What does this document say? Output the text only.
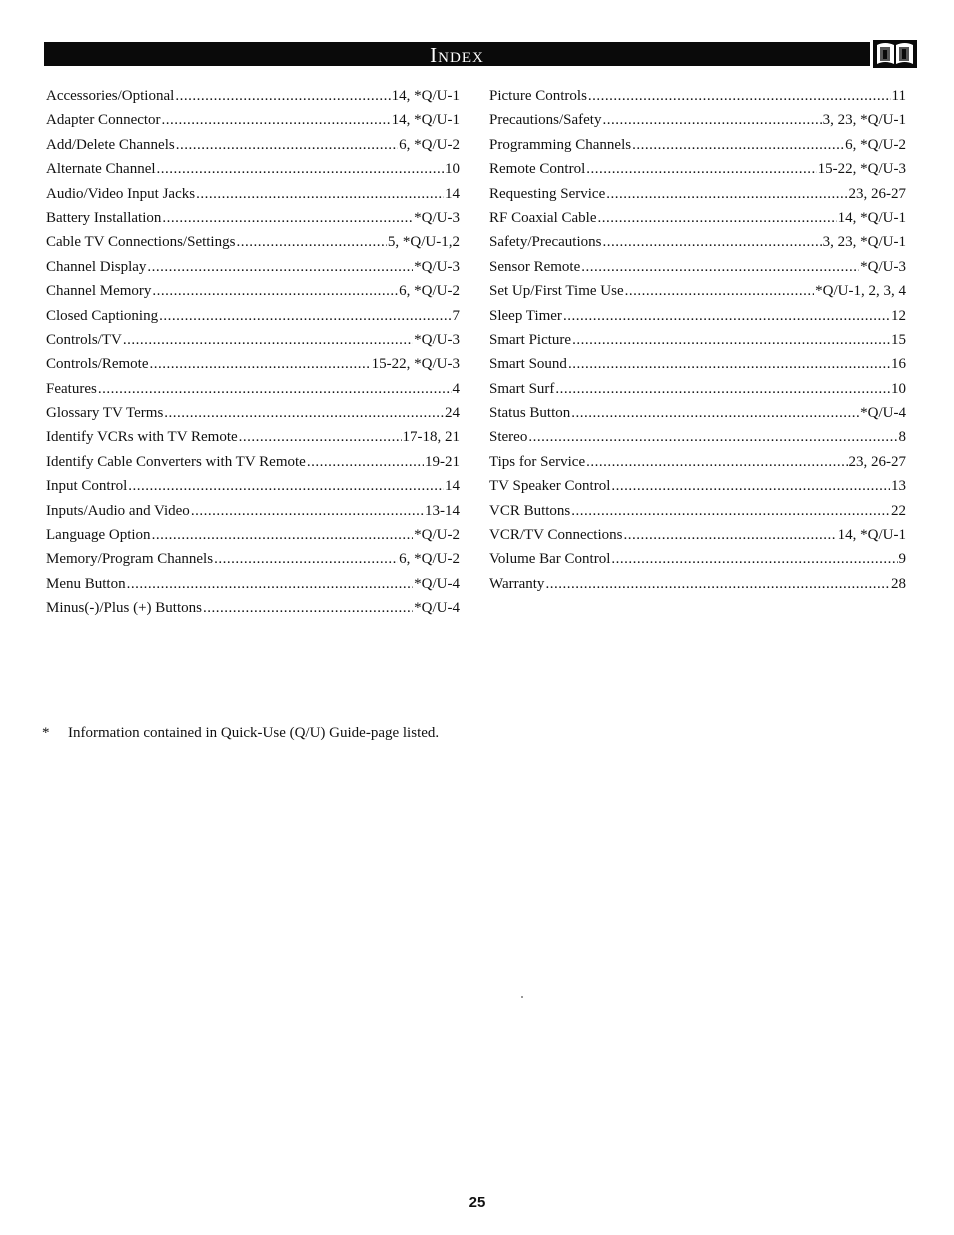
Index
Accessories/Optional .....	14, *Q/U-1
Adapter Connector .....	14, *Q/U-1
Add/Delete Channels .....	6, *Q/U-2
Alternate Channel .....	10
Audio/Video Input Jacks .....	14
Battery Installation .....	*Q/U-3
Cable TV Connections/Settings .....	5, *Q/U-1,2
Channel Display .....	*Q/U-3
Channel Memory .....	6, *Q/U-2
Closed Captioning .....	7
Controls/TV .....	*Q/U-3
Controls/Remote .....	15-22, *Q/U-3
Features .....	4
Glossary TV Terms .....	24
Identify VCRs with TV Remote .....	17-18, 21
Identify Cable Converters with TV Remote .....	19-21
Input Control .....	14
Inputs/Audio and Video .....	13-14
Language Option .....	*Q/U-2
Memory/Program Channels .....	6, *Q/U-2
Menu Button .....	*Q/U-4
Minus(-)/Plus (+) Buttons .....	*Q/U-4
Picture Controls .....	11
Precautions/Safety .....	3, 23, *Q/U-1
Programming Channels .....	6, *Q/U-2
Remote Control .....	15-22, *Q/U-3
Requesting Service .....	23, 26-27
RF Coaxial Cable .....	14, *Q/U-1
Safety/Precautions .....	3, 23, *Q/U-1
Sensor Remote .....	*Q/U-3
Set Up/First Time Use .....	*Q/U-1, 2, 3, 4
Sleep Timer .....	12
Smart Picture .....	15
Smart Sound .....	16
Smart Surf .....	10
Status Button .....	*Q/U-4
Stereo .....	8
Tips for Service .....	23, 26-27
TV Speaker Control .....	13
VCR Buttons .....	22
VCR/TV Connections .....	14, *Q/U-1
Volume Bar Control .....	9
Warranty .....	28
* Information contained in Quick-Use (Q/U) Guide-page listed.
25
